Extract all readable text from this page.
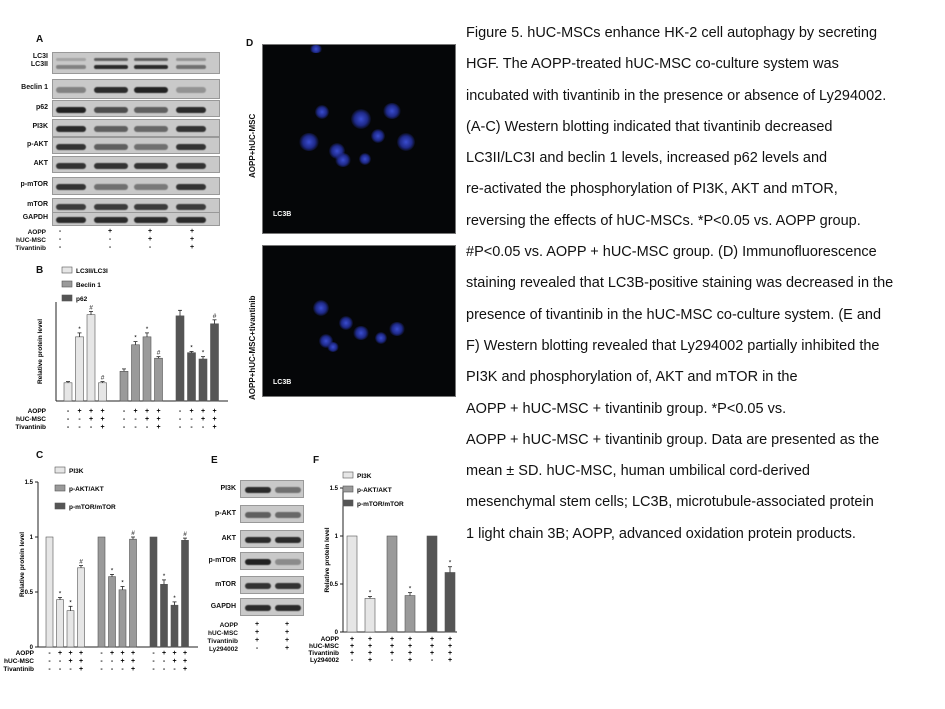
A
LC3I
LC3II
Beclin 1
p62
PI3K
p-AKT
AKT
p-mTOR
mTOR
GAPDH
AOPP	-	+	+	+
hUC-MSC	-	-	+	+
Tivantinib	-	-	-	+
B
Relative protein level	*
#
#
*
*
#
*
*
#
LC3II/LC3I
Beclin 1
p62
AOPP	- + + +	- + + +	- + + +
hUC-MSC	- - + +	- - + +	- - + +
Tivantinib	- - - +	- - - +	- - - +
C
0
0.5
1
1.5
Relative protein level	*
*
#
*
*
#
*
*
#
PI3K
p-AKT/AKT
p-mTOR/mTOR
AOPP - + + + - + + + - + + +
hUC-MSC - - + + - - + + - - + +
Tivantinib - - - + - - - + - - - +
D
AOPP+hUC-MSC
LC3B
AOPP+hUC-MSC+tivantinib LC3B
E
PI3K
p-AKT
AKT
p-mTOR
mTOR
GAPDH
AOPP	+	+
hUC-MSC	+	+
Tivantinib	+	+
Ly294002	-	+
F
0
0.5
1
1.5
Relative protein level
*
*
*
PI3K
p-AKT/AKT
p-mTOR/mTOR
AOPP + +	+ +	+ +
hUC-MSC + +	+ +	+ +
Tivantinib + +	+ +	+ +
Ly294002 - +	- +	- +
Figure 5. hUC-MSCs enhance HK-2 cell autophagy by secreting
HGF. The AOPP-treated hUC-MSC co-culture system was
incubated with tivantinib in the presence or absence of Ly294002.
(A-C) Western blotting indicated that tivantinib decreased
LC3II/LC3I and beclin 1 levels, increased p62 levels and
re-activated the phosphorylation of PI3K, AKT and mTOR,
reversing the effects of hUC-MSCs. *P<0.05 vs. AOPP group.
#P<0.05 vs. AOPP + hUC-MSC group. (D) Immunofluorescence
staining revealed that LC3B-positive staining was decreased in the
presence of tivantinib in the hUC-MSC co-culture system. (E and
F) Western blotting revealed that Ly294002 partially inhibited the
PI3K and phosphorylation of, AKT and mTOR in the
AOPP + hUC-MSC + tivantinib group. *P<0.05 vs.
AOPP + hUC-MSC + tivantinib group. Data are presented as the
mean ± SD. hUC-MSC, human umbilical cord-derived
mesenchymal stem cells; LC3B, microtubule-associated protein
1 light chain 3B; AOPP, advanced oxidation protein products.
